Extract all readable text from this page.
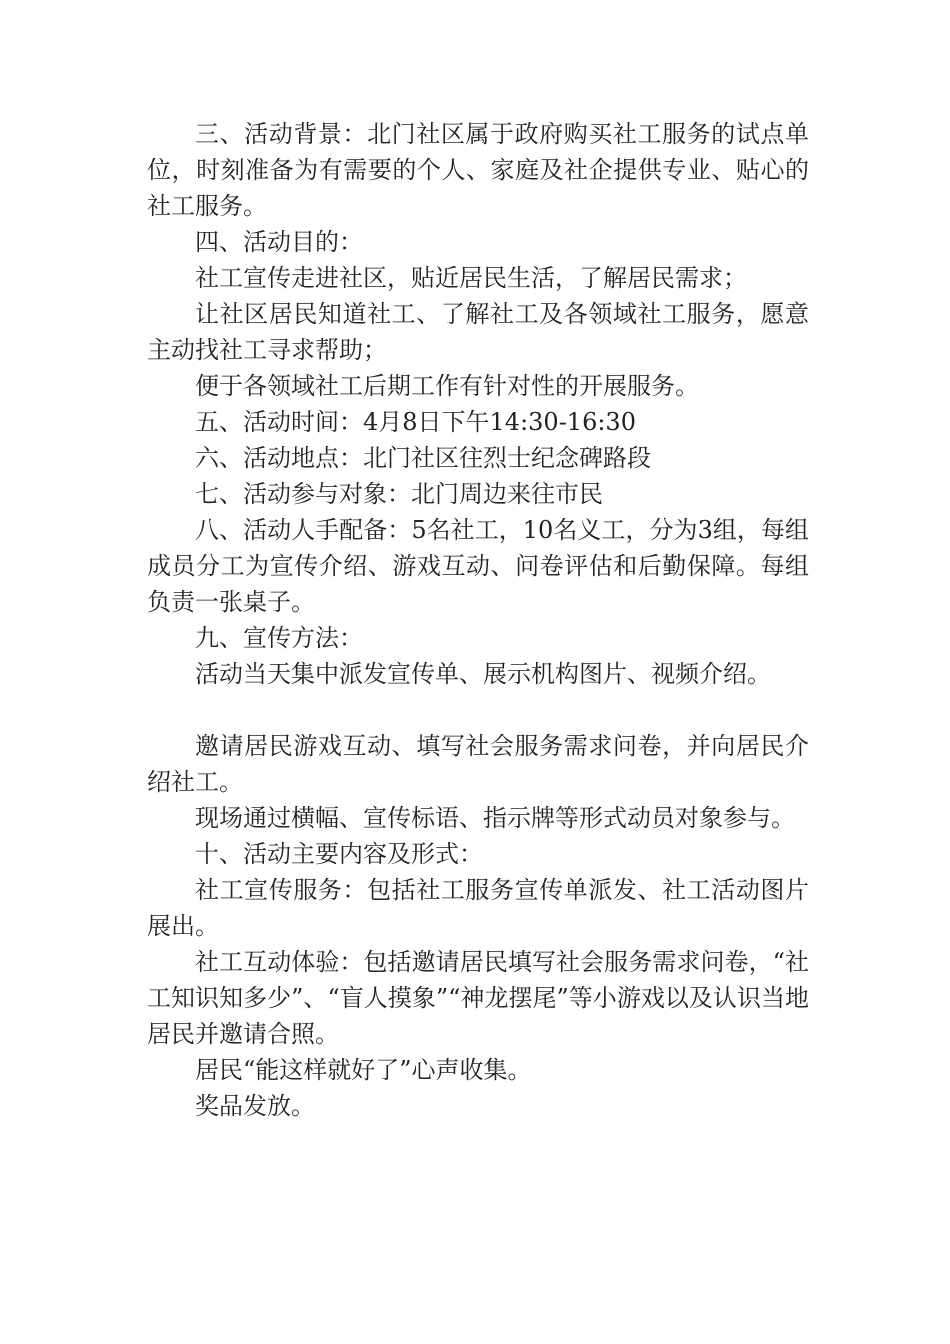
三、活动背景：北门社区属于政府购买社工服务的试点单位，时刻准备为有需要的个人、家庭及社企提供专业、贴心的社工服务。

四、活动目的：

社工宣传走进社区，贴近居民生活，了解居民需求；

让社区居民知道社工、了解社工及各领域社工服务，愿意主动找社工寻求帮助；

便于各领域社工后期工作有针对性的开展服务。

五、活动时间：4月8日下午14:30-16:30

六、活动地点：北门社区往烈士纪念碑路段

七、活动参与对象：北门周边来往市民

八、活动人手配备：5名社工，10名义工，分为3组，每组成员分工为宣传介绍、游戏互动、问卷评估和后勤保障。每组负责一张桌子。

九、宣传方法：

活动当天集中派发宣传单、展示机构图片、视频介绍。

邀请居民游戏互动、填写社会服务需求问卷，并向居民介绍社工。

现场通过横幅、宣传标语、指示牌等形式动员对象参与。

十、活动主要内容及形式：

社工宣传服务：包括社工服务宣传单派发、社工活动图片展出。

社工互动体验：包括邀请居民填写社会服务需求问卷，“社工知识知多少”、“盲人摸象”“神龙摆尾”等小游戏以及认识当地居民并邀请合照。

居民“能这样就好了”心声收集。

奖品发放。
